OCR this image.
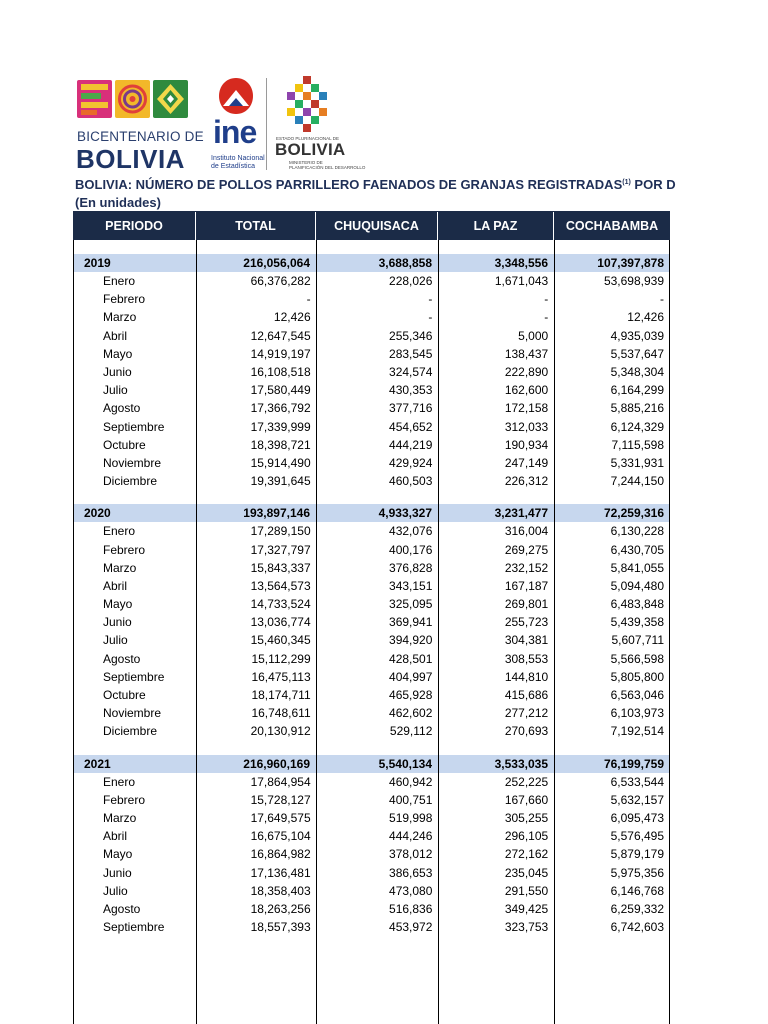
BICENTENARIO DE
BOLIVIA
ine
Instituto Nacional
de Estadística
ESTADO PLURINACIONAL DE
BOLIVIA
MINISTERIO DE
PLANIFICACIÓN DEL DESARROLLO
BOLIVIA: NÚMERO DE POLLOS PARRILLERO FAENADOS DE GRANJAS REGISTRADAS$^{(1)}$ POR D
(En unidades)
PERIODO	TOTAL	CHUQUISACA	LA PAZ	COCHABAMBA
2019	216,056,064	3,688,858	3,348,556	107,397,878
Enero	66,376,282	228,026	1,671,043	53,698,939
Febrero	-	-	-	-
Marzo	12,426	-	-	12,426
Abril	12,647,545	255,346	5,000	4,935,039
Mayo	14,919,197	283,545	138,437	5,537,647
Junio	16,108,518	324,574	222,890	5,348,304
Julio	17,580,449	430,353	162,600	6,164,299
Agosto	17,366,792	377,716	172,158	5,885,216
Septiembre	17,339,999	454,652	312,033	6,124,329
Octubre	18,398,721	444,219	190,934	7,115,598
Noviembre	15,914,490	429,924	247,149	5,331,931
Diciembre	19,391,645	460,503	226,312	7,244,150
2020	193,897,146	4,933,327	3,231,477	72,259,316
Enero	17,289,150	432,076	316,004	6,130,228
Febrero	17,327,797	400,176	269,275	6,430,705
Marzo	15,843,337	376,828	232,152	5,841,055
Abril	13,564,573	343,151	167,187	5,094,480
Mayo	14,733,524	325,095	269,801	6,483,848
Junio	13,036,774	369,941	255,723	5,439,358
Julio	15,460,345	394,920	304,381	5,607,711
Agosto	15,112,299	428,501	308,553	5,566,598
Septiembre	16,475,113	404,997	144,810	5,805,800
Octubre	18,174,711	465,928	415,686	6,563,046
Noviembre	16,748,611	462,602	277,212	6,103,973
Diciembre	20,130,912	529,112	270,693	7,192,514
2021	216,960,169	5,540,134	3,533,035	76,199,759
Enero	17,864,954	460,942	252,225	6,533,544
Febrero	15,728,127	400,751	167,660	5,632,157
Marzo	17,649,575	519,998	305,255	6,095,473
Abril	16,675,104	444,246	296,105	5,576,495
Mayo	16,864,982	378,012	272,162	5,879,179
Junio	17,136,481	386,653	235,045	5,975,356
Julio	18,358,403	473,080	291,550	6,146,768
Agosto	18,263,256	516,836	349,425	6,259,332
Septiembre	18,557,393	453,972	323,753	6,742,603
